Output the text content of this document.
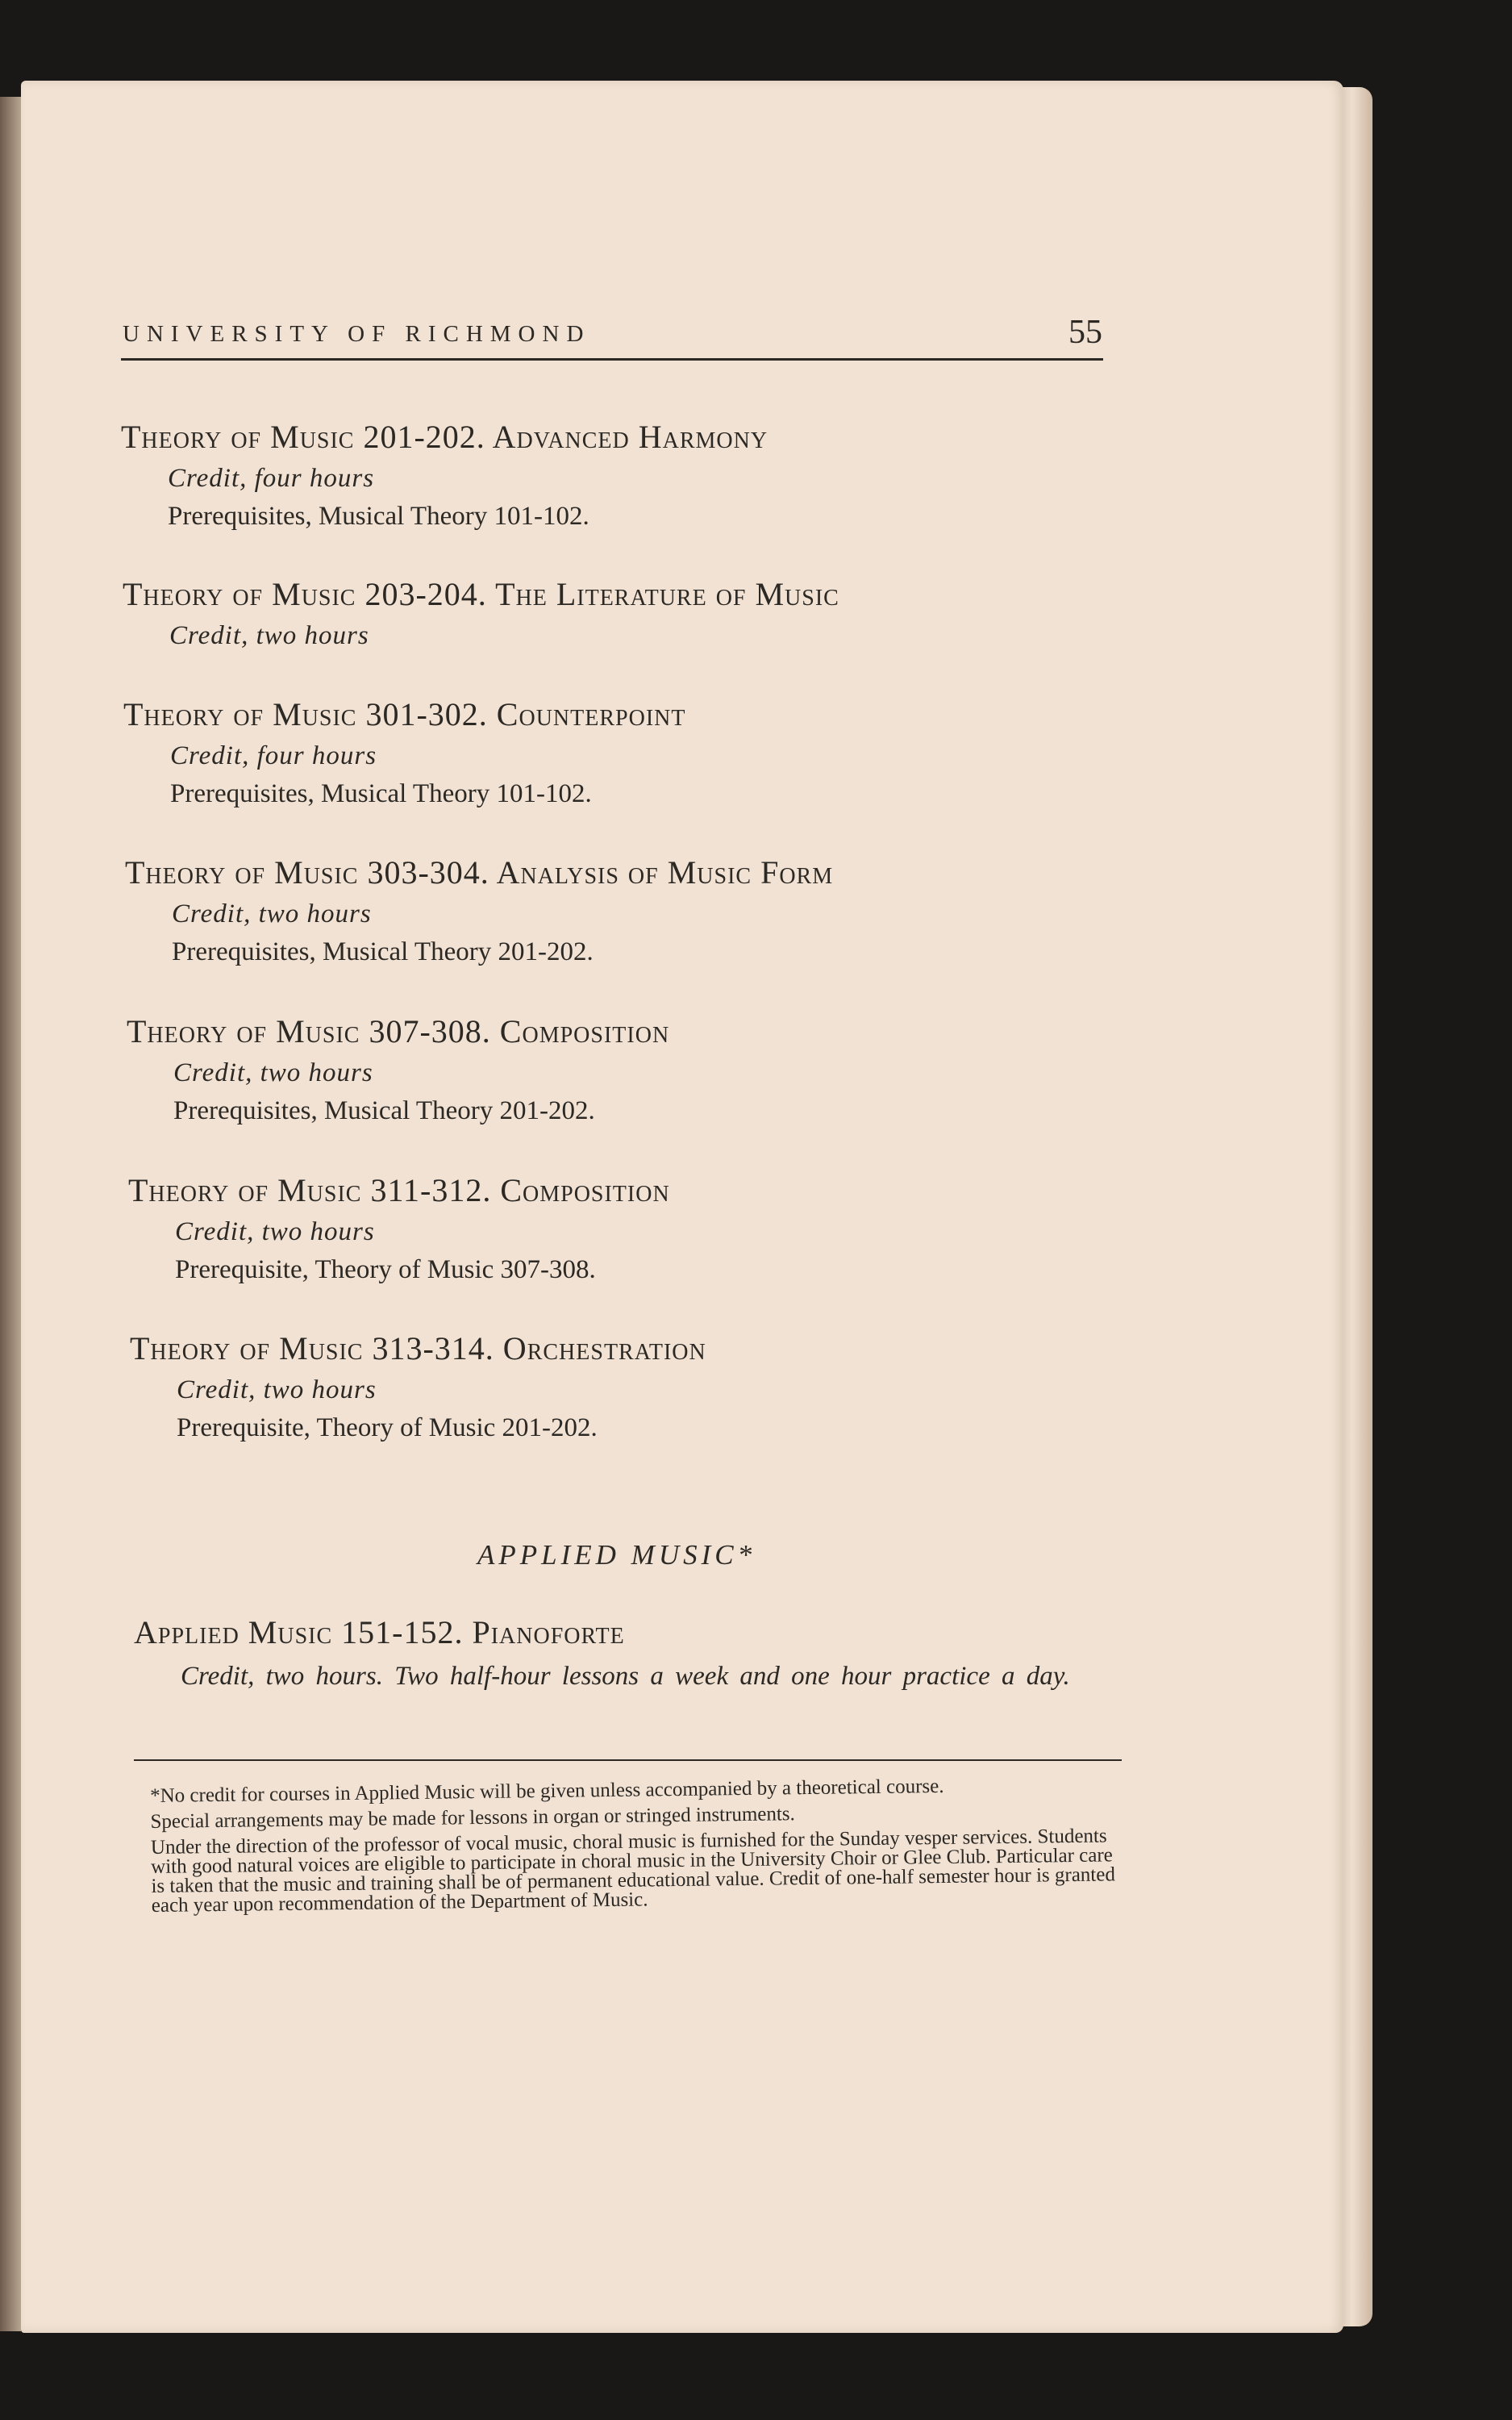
UNIVERSITY OF RICHMOND	55
Theory of Music 201-202. Advanced Harmony
Credit, four hours
Prerequisites, Musical Theory 101-102.
Theory of Music 203-204. The Literature of Music
Credit, two hours
Theory of Music 301-302. Counterpoint
Credit, four hours
Prerequisites, Musical Theory 101-102.
Theory of Music 303-304. Analysis of Music Form
Credit, two hours
Prerequisites, Musical Theory 201-202.
Theory of Music 307-308. Composition
Credit, two hours
Prerequisites, Musical Theory 201-202.
Theory of Music 311-312. Composition
Credit, two hours
Prerequisite, Theory of Music 307-308.
Theory of Music 313-314. Orchestration
Credit, two hours
Prerequisite, Theory of Music 201-202.
APPLIED MUSIC*
Applied Music 151-152. Pianoforte
Credit, two hours. Two half-hour lessons a week and one hour practice a day.

*No credit for courses in Applied Music will be given unless accompanied by a theoretical course.

Special arrangements may be made for lessons in organ or stringed instruments.

Under the direction of the professor of vocal music, choral music is furnished for the Sunday vesper services. Students with good natural voices are eligible to participate in choral music in the University Choir or Glee Club. Particular care is taken that the music and training shall be of permanent educational value. Credit of one-half semester hour is granted each year upon recommendation of the Department of Music.
